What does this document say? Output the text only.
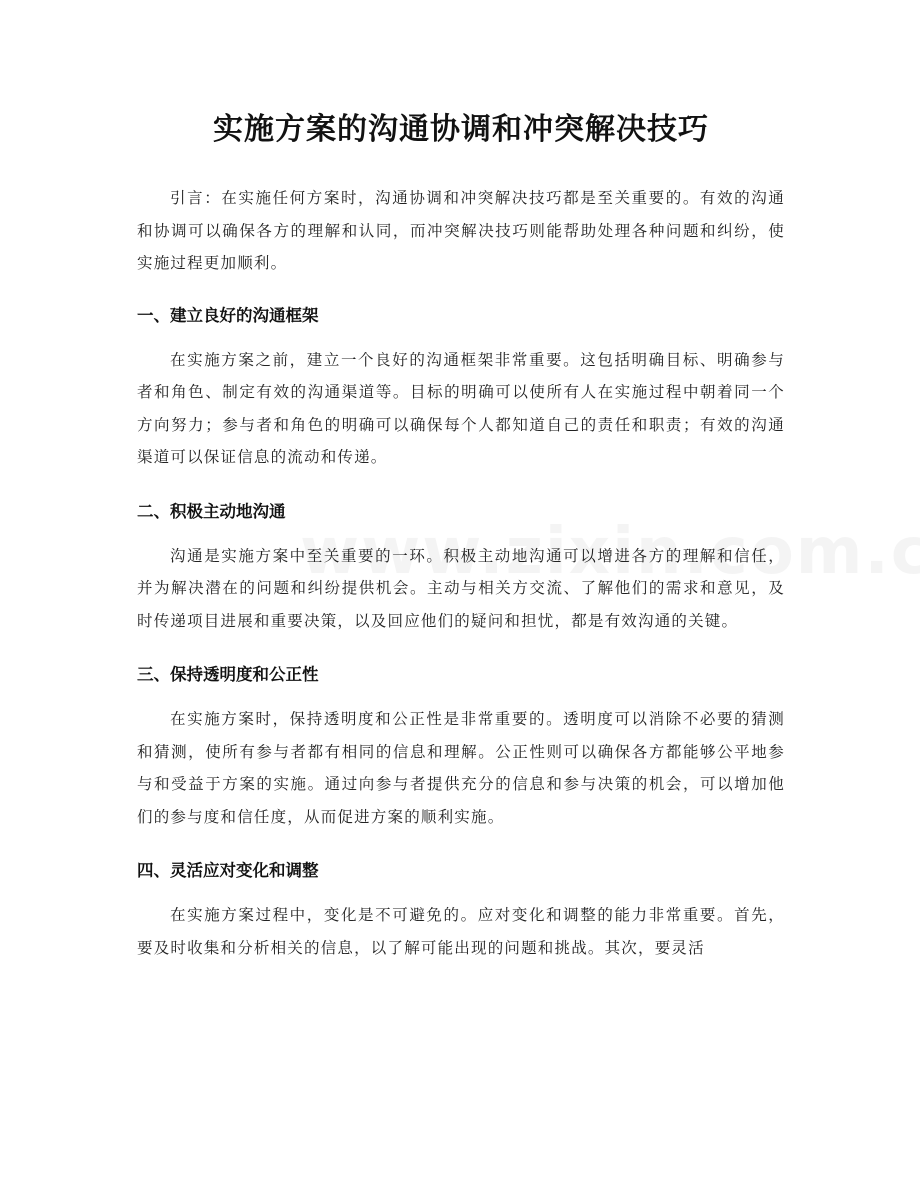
实施方案的沟通协调和冲突解决技巧

引言：在实施任何方案时，沟通协调和冲突解决技巧都是至关重要的。有效的沟通和协调可以确保各方的理解和认同，而冲突解决技巧则能帮助处理各种问题和纠纷，使实施过程更加顺利。

一、建立良好的沟通框架

在实施方案之前，建立一个良好的沟通框架非常重要。这包括明确目标、明确参与者和角色、制定有效的沟通渠道等。目标的明确可以使所有人在实施过程中朝着同一个方向努力；参与者和角色的明确可以确保每个人都知道自己的责任和职责；有效的沟通渠道可以保证信息的流动和传递。

二、积极主动地沟通

沟通是实施方案中至关重要的一环。积极主动地沟通可以增进各方的理解和信任，并为解决潜在的问题和纠纷提供机会。主动与相关方交流、了解他们的需求和意见，及时传递项目进展和重要决策，以及回应他们的疑问和担忧，都是有效沟通的关键。

三、保持透明度和公正性

在实施方案时，保持透明度和公正性是非常重要的。透明度可以消除不必要的猜测和猜测，使所有参与者都有相同的信息和理解。公正性则可以确保各方都能够公平地参与和受益于方案的实施。通过向参与者提供充分的信息和参与决策的机会，可以增加他们的参与度和信任度，从而促进方案的顺利实施。

四、灵活应对变化和调整

在实施方案过程中，变化是不可避免的。应对变化和调整的能力非常重要。首先，要及时收集和分析相关的信息，以了解可能出现的问题和挑战。其次，要灵活
